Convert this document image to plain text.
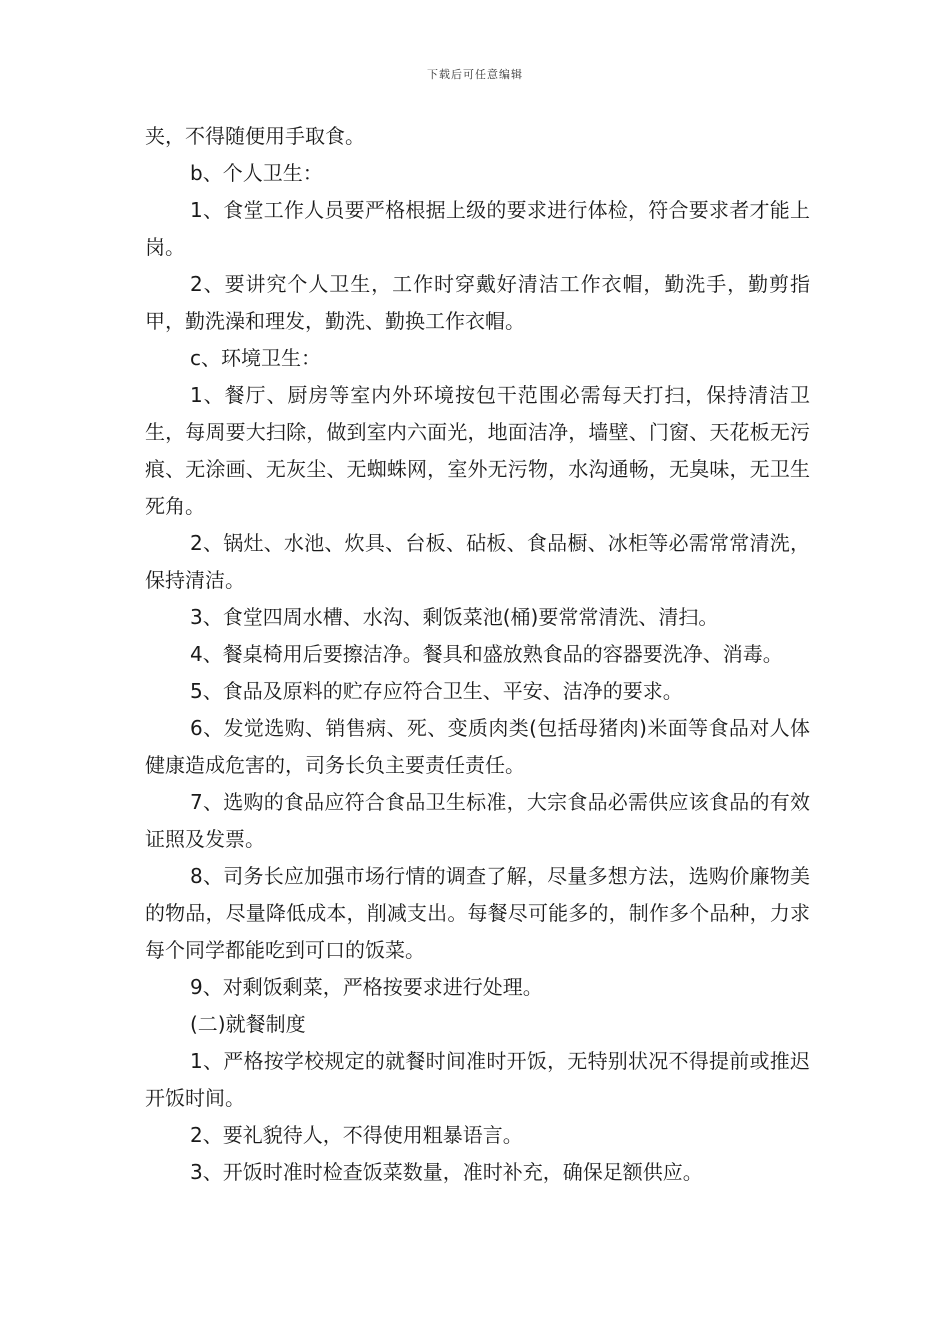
下载后可任意编辑

夹，不得随便用手取食。

b、个人卫生：

1、食堂工作人员要严格根据上级的要求进行体检，符合要求者才能上岗。

2、要讲究个人卫生，工作时穿戴好清洁工作衣帽，勤洗手，勤剪指甲，勤洗澡和理发，勤洗、勤换工作衣帽。

c、环境卫生：

1、餐厅、厨房等室内外环境按包干范围必需每天打扫，保持清洁卫生，每周要大扫除，做到室内六面光，地面洁净，墙壁、门窗、天花板无污痕、无涂画、无灰尘、无蜘蛛网，室外无污物，水沟通畅，无臭味，无卫生死角。

2、锅灶、水池、炊具、台板、砧板、食品橱、冰柜等必需常常清洗，保持清洁。

3、食堂四周水槽、水沟、剩饭菜池(桶)要常常清洗、清扫。

4、餐桌椅用后要擦洁净。餐具和盛放熟食品的容器要洗净、消毒。

5、食品及原料的贮存应符合卫生、平安、洁净的要求。

6、发觉选购、销售病、死、变质肉类(包括母猪肉)米面等食品对人体健康造成危害的，司务长负主要责任责任。

7、选购的食品应符合食品卫生标准，大宗食品必需供应该食品的有效证照及发票。

8、司务长应加强市场行情的调查了解，尽量多想方法，选购价廉物美的物品，尽量降低成本，削减支出。每餐尽可能多的，制作多个品种，力求每个同学都能吃到可口的饭菜。

9、对剩饭剩菜，严格按要求进行处理。

(二)就餐制度

1、严格按学校规定的就餐时间准时开饭，无特别状况不得提前或推迟开饭时间。

2、要礼貌待人，不得使用粗暴语言。

3、开饭时准时检查饭菜数量，准时补充，确保足额供应。
